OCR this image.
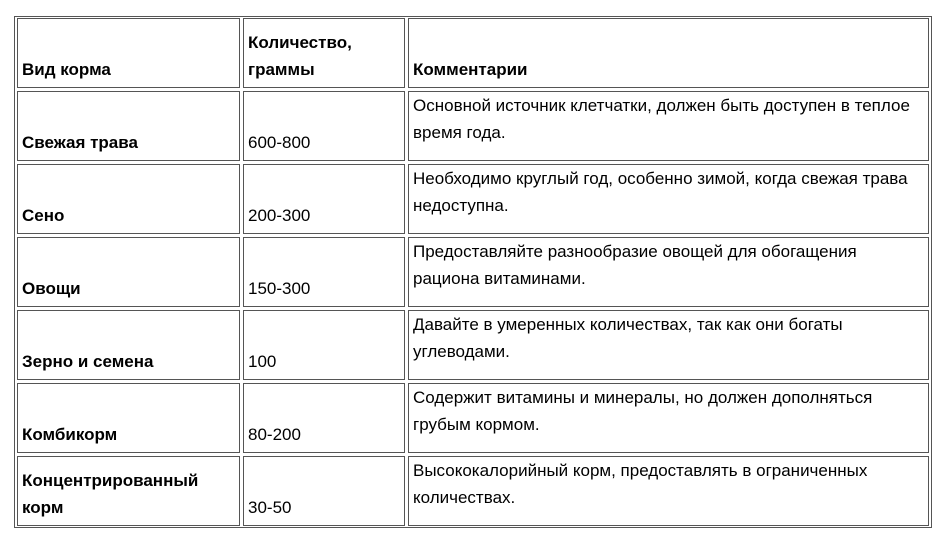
Вид корма	Количество, граммы	Комментарии
Свежая трава	600-800	Основной источник клетчатки, должен быть доступен в теплое время года.
Сено	200-300	Необходимо круглый год, особенно зимой, когда свежая трава недоступна.
Овощи	150-300	Предоставляйте разнообразие овощей для обогащения рациона витаминами.
Зерно и семена	100	Давайте в умеренных количествах, так как они богаты углеводами.
Комбикорм	80-200	Содержит витамины и минералы, но должен дополняться грубым кормом.
Концентрированный корм	30-50	Высококалорийный корм, предоставлять в ограниченных количествах.
